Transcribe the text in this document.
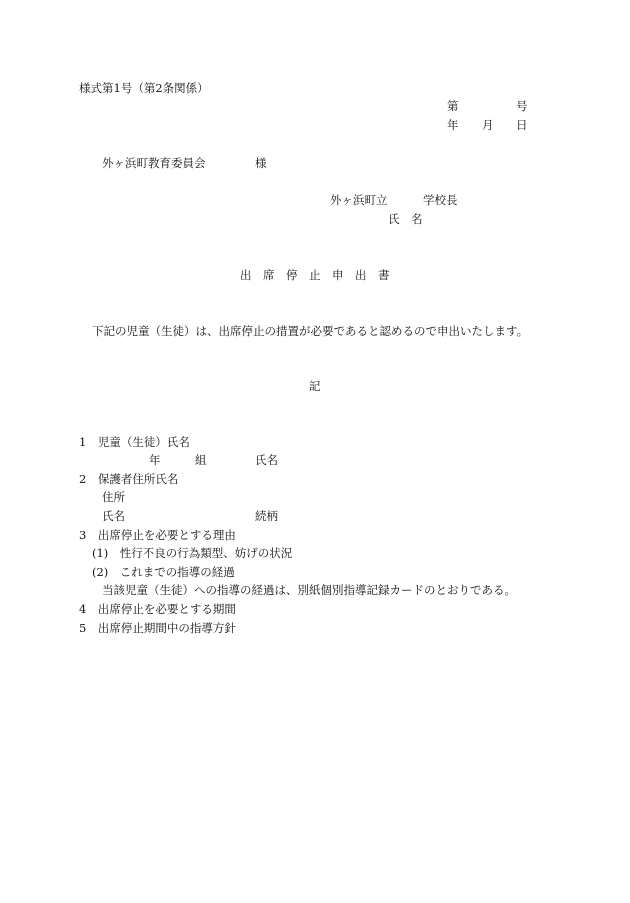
様式第1号（第2条関係）
第	号
年 月 日
外ヶ浜町教育委員会	様
外ヶ浜町立	学校長
氏　名
出　席　停　止　申　出　書
下記の児童（生徒）は、出席停止の措置が必要であると認めるので申出いたします。
記
1　児童（生徒）氏名
年	組	氏名
2　保護者住所氏名
住所
氏名	続柄
3　出席停止を必要とする理由
(1)　性行不良の行為類型、妨げの状況
(2)　これまでの指導の経過
当該児童（生徒）への指導の経過は、別紙個別指導記録カードのとおりである。
4　出席停止を必要とする期間
5　出席停止期間中の指導方針
